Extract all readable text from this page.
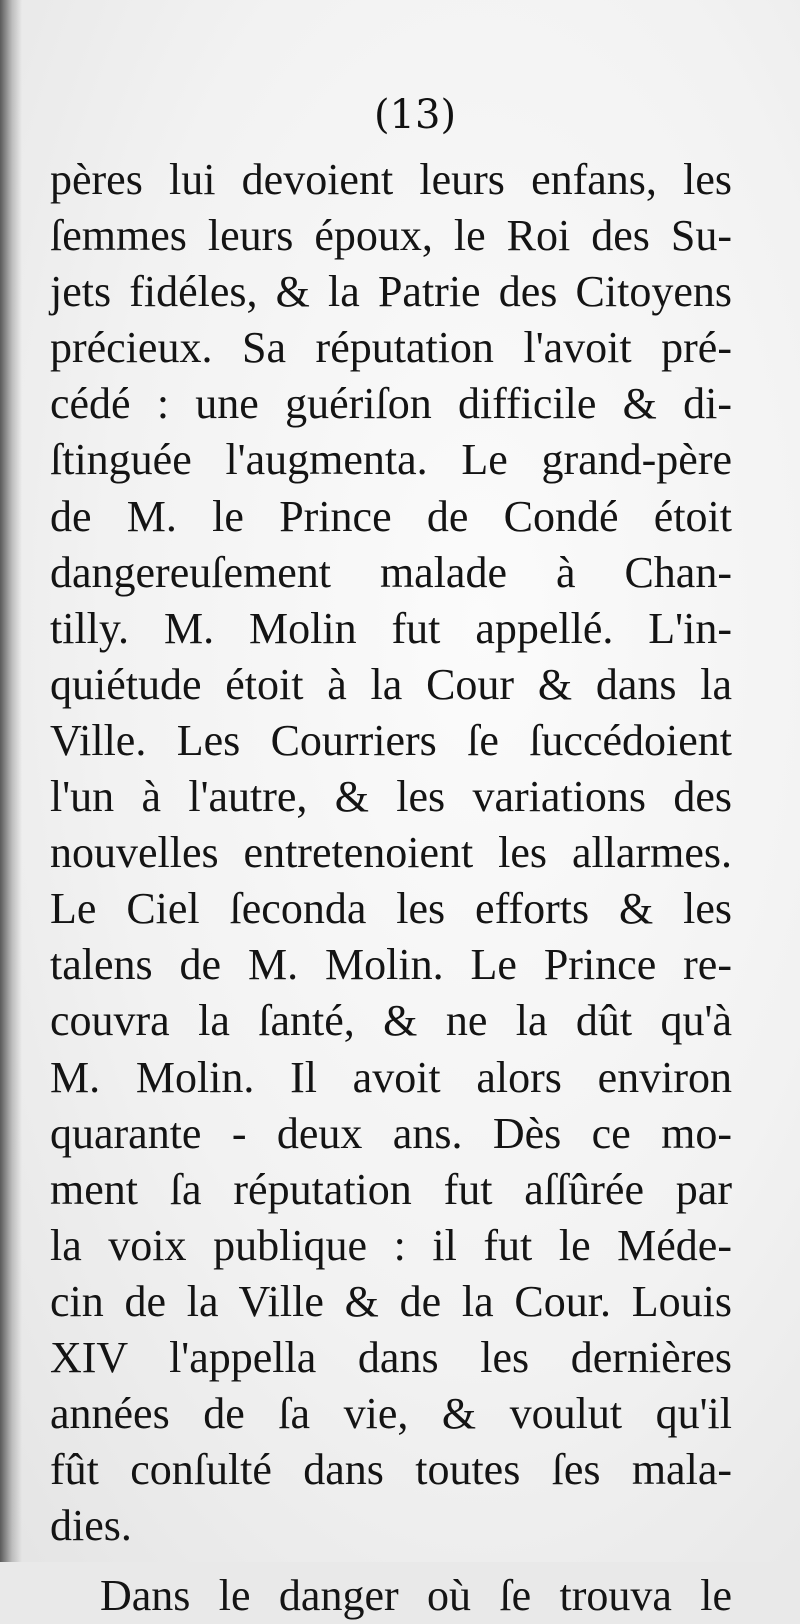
(13)
pères lui devoient leurs enfans, les
ſemmes leurs époux, le Roi des Su-
jets fidéles, & la Patrie des Citoyens
précieux. Sa réputation l'avoit pré-
cédé : une guériſon difficile & di-
ſtinguée l'augmenta. Le grand-père
de M. le Prince de Condé étoit
dangereuſement malade à Chan-
tilly. M. Molin fut appellé. L'in-
quiétude étoit à la Cour & dans la
Ville. Les Courriers ſe ſuccédoient
l'un à l'autre, & les variations des
nouvelles entretenoient les allarmes.
Le Ciel ſeconda les efforts & les
talens de M. Molin. Le Prince re-
couvra la ſanté, & ne la dût qu'à
M. Molin. Il avoit alors environ
quarante - deux ans. Dès ce mo-
ment ſa réputation fut aſſûrée par
la voix publique : il fut le Méde-
cin de la Ville & de la Cour. Louis
XIV l'appella dans les dernières
années de ſa vie, & voulut qu'il
fût conſulté dans toutes ſes mala-
dies.
Dans le danger où ſe trouva le
